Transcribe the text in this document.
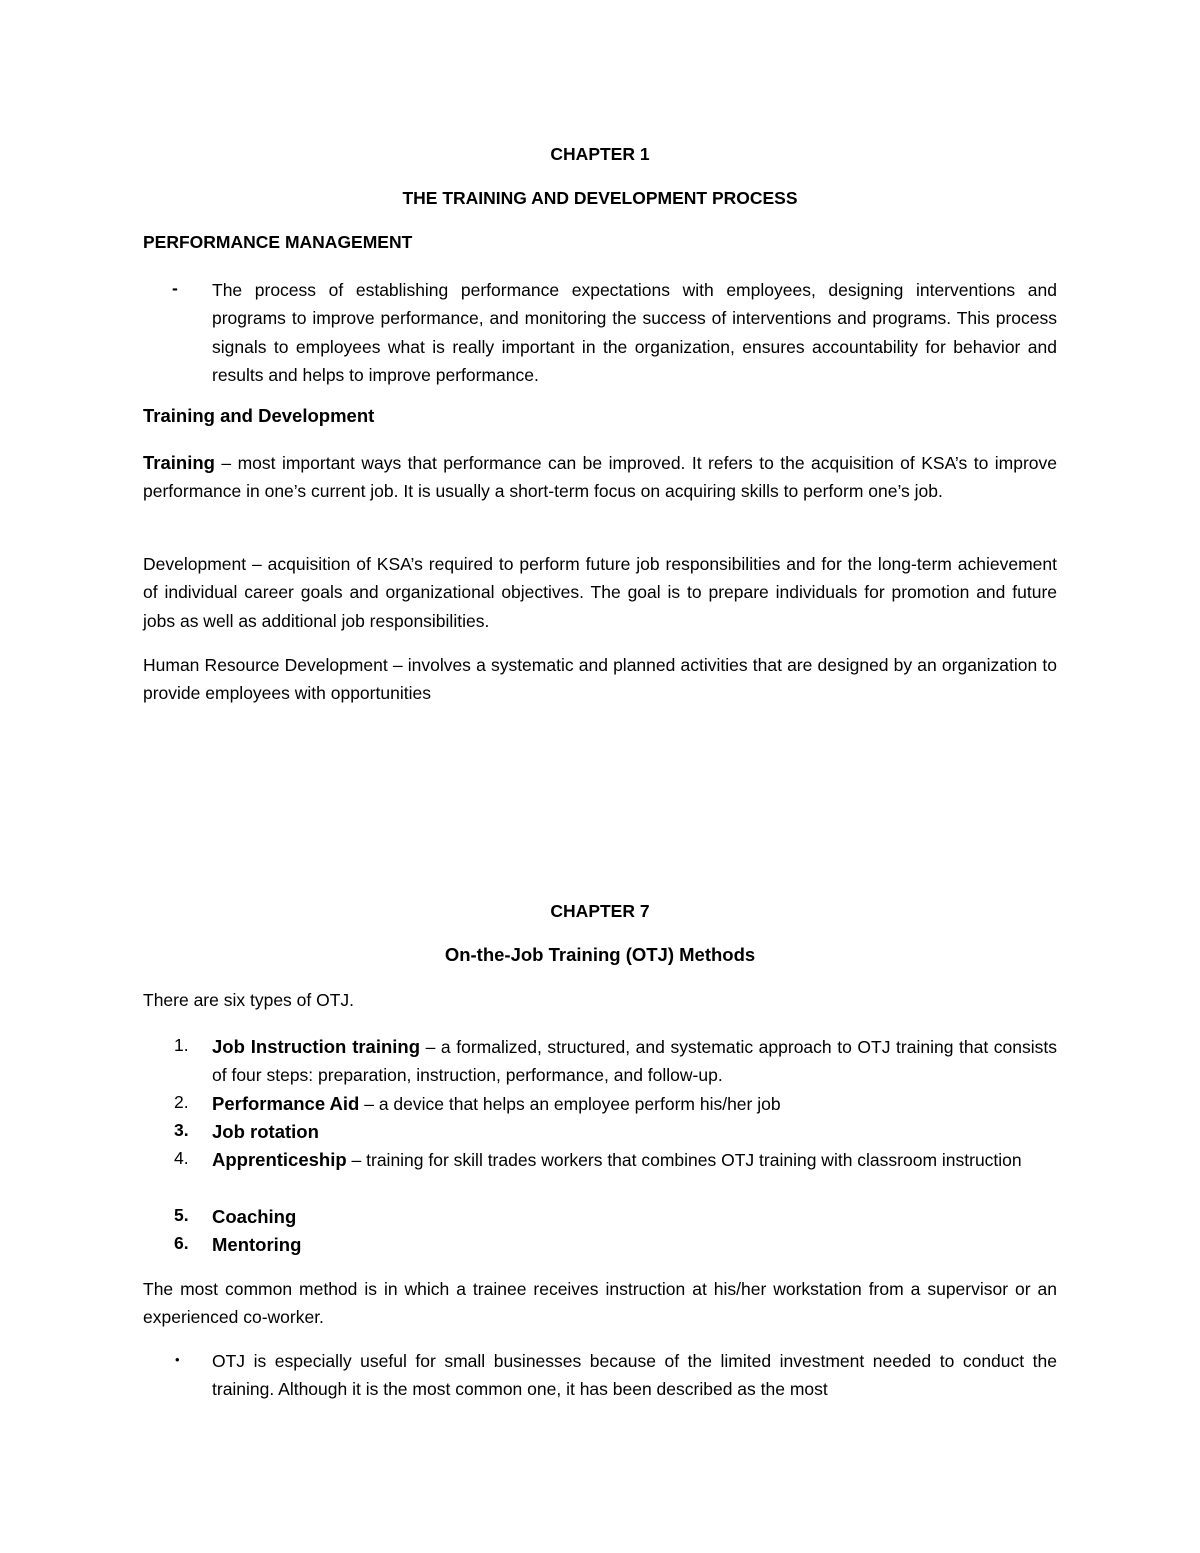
CHAPTER 1
THE TRAINING AND DEVELOPMENT PROCESS
PERFORMANCE MANAGEMENT
- The process of establishing performance expectations with employees, designing interventions and programs to improve performance, and monitoring the success of interventions and programs. This process signals to employees what is really important in the organization, ensures accountability for behavior and results and helps to improve performance.

Training and Development

Training – most important ways that performance can be improved. It refers to the acquisition of KSA’s to improve performance in one’s current job. It is usually a short-term focus on acquiring skills to perform one’s job.

Development – acquisition of KSA’s required to perform future job responsibilities and for the long-term achievement of individual career goals and organizational objectives. The goal is to prepare individuals for promotion and future jobs as well as additional job responsibilities.

Human Resource Development – involves a systematic and planned activities that are designed by an organization to provide employees with opportunities

CHAPTER 7
On-the-Job Training (OTJ) Methods
There are six types of OTJ.
1. Job Instruction training – a formalized, structured, and systematic approach to OTJ training that consists of four steps: preparation, instruction, performance, and follow-up.

2. Performance Aid – a device that helps an employee perform his/her job

3. Job rotation

4. Apprenticeship – training for skill trades workers that combines OTJ training with classroom instruction

5. Coaching

6. Mentoring

The most common method is in which a trainee receives instruction at his/her workstation from a supervisor or an experienced co-worker.

• OTJ is especially useful for small businesses because of the limited investment needed to conduct the training. Although it is the most common one, it has been described as the most
